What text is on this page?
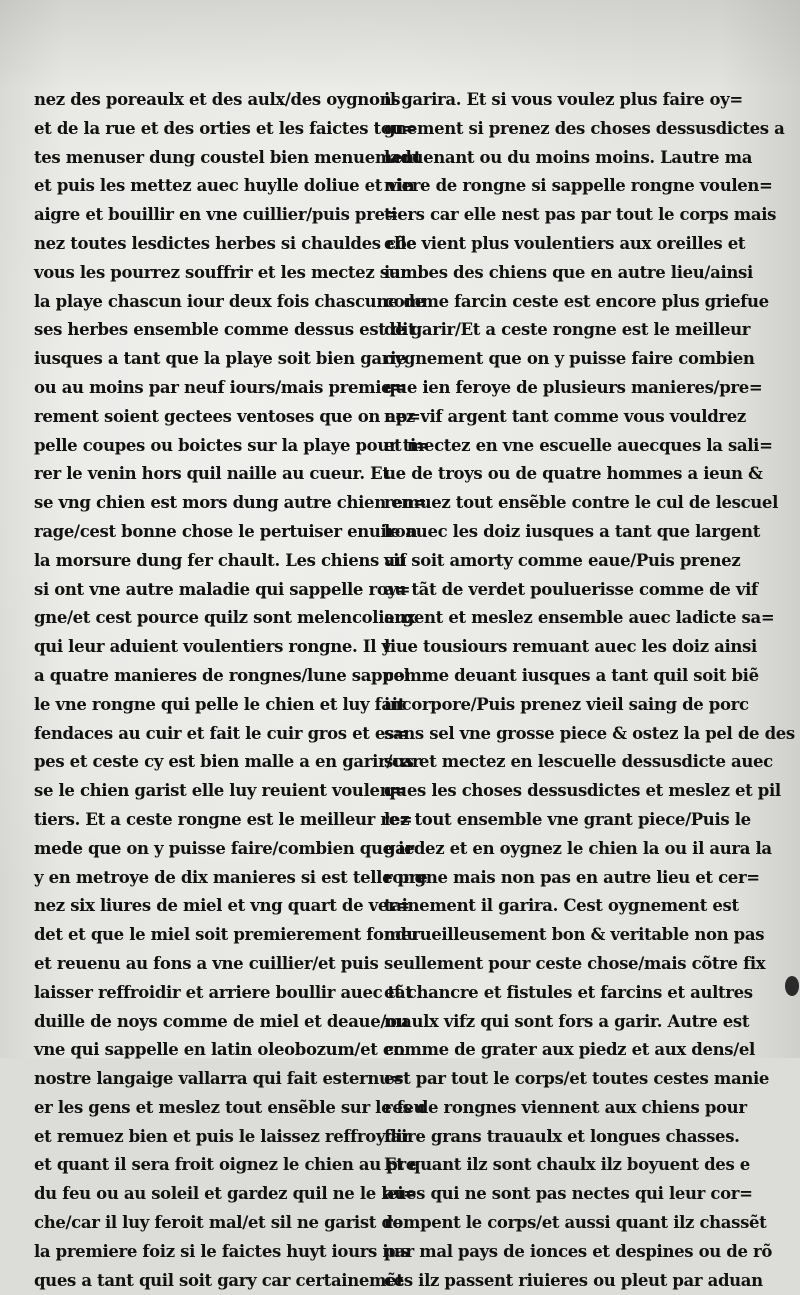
nez des poreaulx et des aulx/des oygnons
et de la rue et des orties et les faictes tou=
tes menuser dung coustel bien menuement
et puis les mettez auec huylle doliue et vin
aigre et bouillir en vne cuillier/puis pre=
nez toutes lesdictes herbes si chauldes cõe
vous les pourrez souffrir et les mectez sur
la playe chascun iour deux fois chascune de
ses herbes ensemble comme dessus est dit
iusques a tant que la playe soit bien garie
ou au moins par neuf iours/mais premie=
rement soient gectees ventoses que on ap=
pelle coupes ou boictes sur la playe pour ti=
rer le venin hors quil naille au cueur. Et
se vng chien est mors dung autre chien en=
rage/cest bonne chose le pertuiser enuiron
la morsure dung fer chault. Les chiens au
si ont vne autre maladie qui sappelle roy=
gne/et cest pource quilz sont melencolieux
qui leur aduient voulentiers rongne. Il y
a quatre manieres de rongnes/lune sappel
le vne rongne qui pelle le chien et luy fait
fendaces au cuir et fait le cuir gros et es=
pes et ceste cy est bien malle a en garir/car
se le chien garist elle luy reuient voulen=
tiers. Et a ceste rongne est le meilleur re=
mede que on y puisse faire/combien que ie
y en metroye de dix manieres si est telle pre
nez six liures de miel et vng quart de ver=
det et que le miel soit premierement fondu
et reuenu au fons a vne cuillier/et puis
laisser reffroidir et arriere boullir auec tãt
duille de noys comme de miel et deaue/ou
vne qui sappelle en latin oleobozum/et en
nostre langaige vallarra qui fait esternu=
er les gens et meslez tout ensẽble sur le feu
et remuez bien et puis le laissez reffroydir
et quant il sera froit oignez le chien au pre
du feu ou au soleil et gardez quil ne le lei=
che/car il luy feroit mal/et sil ne garist de
la premiere foiz si le faictes huyt iours ius
ques a tant quil soit gary car certainemẽt
il garira. Et si vous voulez plus faire oy=
gnement si prenez des choses dessusdictes a
laduenant ou du moins moins. Lautre ma
niere de rongne si sappelle rongne voulen=
tiers car elle nest pas par tout le corps mais
elle vient plus voulentiers aux oreilles et
iambes des chiens que en autre lieu/ainsi
comme farcin ceste est encore plus griefue
de garir/Et a ceste rongne est le meilleur
oygnement que on y puisse faire combien
que ien feroye de plusieurs manieres/pre=
nez vif argent tant comme vous vouldrez
et mectez en vne escuelle auecques la sali=
ue de troys ou de quatre hommes a ieun &
remuez tout ensẽble contre le cul de lescuel
le auec les doiz iusques a tant que largent
vif soit amorty comme eaue/Puis prenez
au tãt de verdet pouluerisse comme de vif
argent et meslez ensemble auec ladicte sa=
liue tousiours remuant auec les doiz ainsi
comme deuant iusques a tant quil soit biẽ
incorpore/Puis prenez vieil saing de porc
sans sel vne grosse piece & ostez la pel de des
sus et mectez en lescuelle dessusdicte auec
ques les choses dessusdictes et meslez et pil
lez tout ensemble vne grant piece/Puis le
gardez et en oygnez le chien la ou il aura la
rongne mais non pas en autre lieu et cer=
tainement il garira. Cest oygnement est
merueilleusement bon & veritable non pas
seullement pour ceste chose/mais cõtre fix
et chancre et fistules et farcins et aultres
maulx vifz qui sont fors a garir. Autre est
comme de grater aux piedz et aux dens/el
est par tout le corps/et toutes cestes manie
res de rongnes viennent aux chiens pour
faire grans trauaulx et longues chasses.
Et quant ilz sont chaulx ilz boyuent des e
aues qui ne sont pas nectes qui leur cor=
rompent le corps/et aussi quant ilz chassẽt
par mal pays de ionces et despines ou de rõ
ces ilz passent riuieres ou pleut par aduan
